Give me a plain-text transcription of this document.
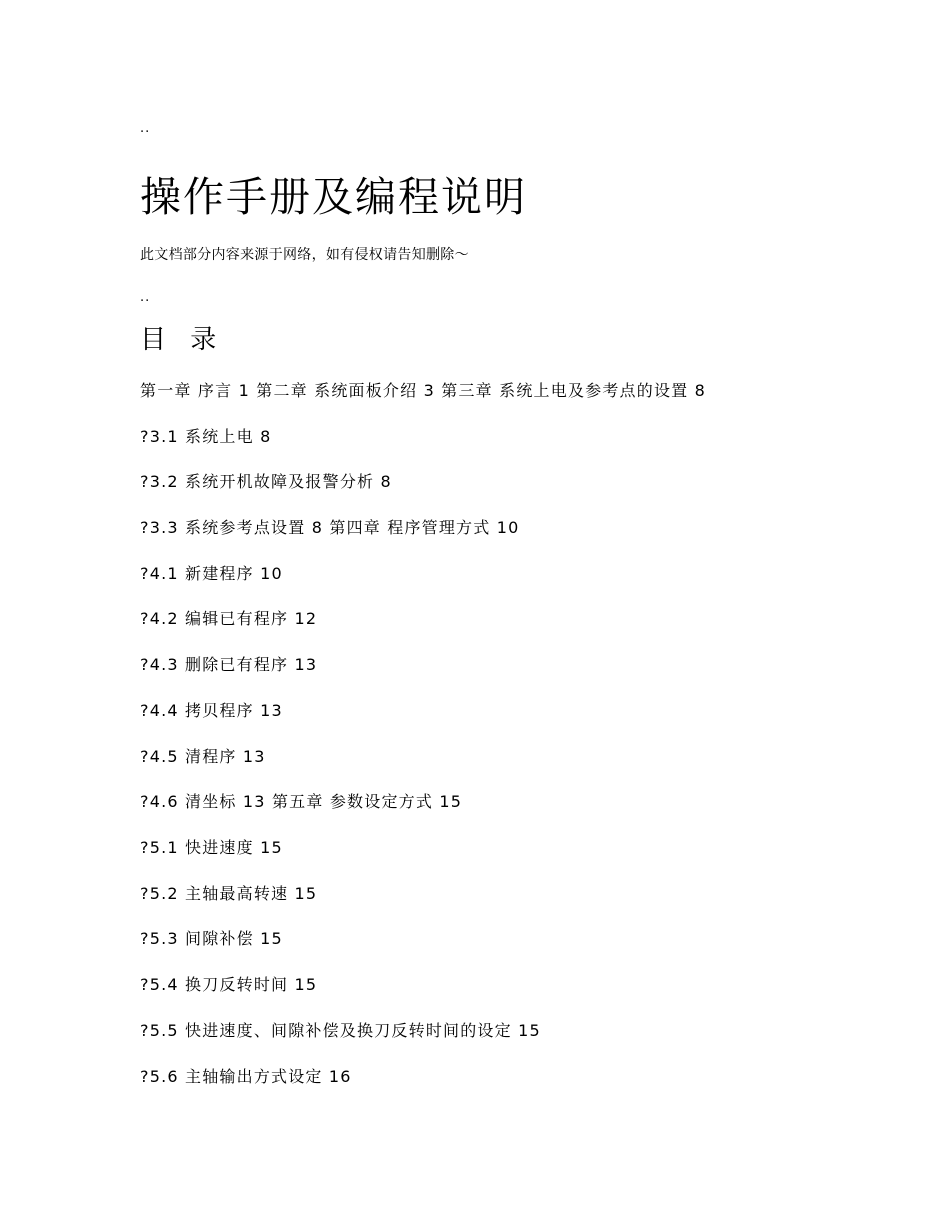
..
操作手册及编程说明
此文档部分内容来源于网络，如有侵权请告知删除～
..
目 录
第一章 序言 1 第二章 系统面板介绍 3 第三章 系统上电及参考点的设置 8
?3.1 系统上电 8
?3.2 系统开机故障及报警分析 8
?3.3 系统参考点设置 8 第四章 程序管理方式 10
?4.1 新建程序 10
?4.2 编辑已有程序 12
?4.3 删除已有程序 13
?4.4 拷贝程序 13
?4.5 清程序 13
?4.6 清坐标 13 第五章 参数设定方式 15
?5.1 快进速度 15
?5.2 主轴最高转速 15
?5.3 间隙补偿 15
?5.4 换刀反转时间 15
?5.5 快进速度、间隙补偿及换刀反转时间的设定 15
?5.6 主轴输出方式设定 16
